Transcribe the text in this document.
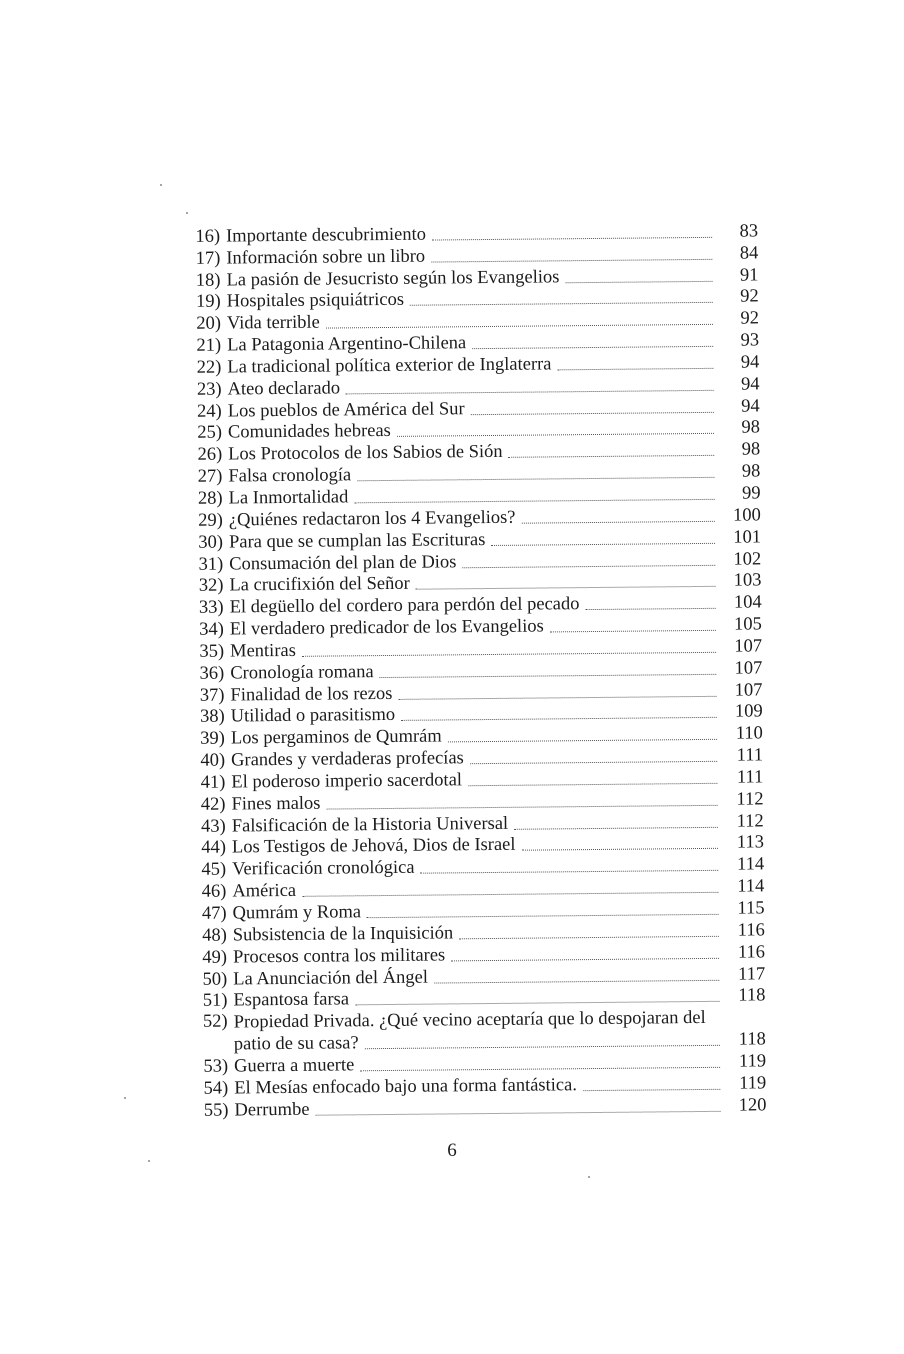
16) Importante descubrimiento	83
17) Información sobre un libro	84
18) La pasión de Jesucristo según los Evangelios	91
19) Hospitales psiquiátricos	92
20) Vida terrible	92
21) La Patagonia Argentino-Chilena	93
22) La tradicional política exterior de Inglaterra	94
23) Ateo declarado	94
24) Los pueblos de América del Sur	94
25) Comunidades hebreas	98
26) Los Protocolos de los Sabios de Sión	98
27) Falsa cronología	98
28) La Inmortalidad	99
29) ¿Quiénes redactaron los 4 Evangelios?	100
30) Para que se cumplan las Escrituras	101
31) Consumación del plan de Dios	102
32) La crucifixión del Señor	103
33) El degüello del cordero para perdón del pecado	104
34) El verdadero predicador de los Evangelios	105
35) Mentiras	107
36) Cronología romana	107
37) Finalidad de los rezos	107
38) Utilidad o parasitismo	109
39) Los pergaminos de Qumrám	110
40) Grandes y verdaderas profecías	111
41) El poderoso imperio sacerdotal	111
42) Fines malos	112
43) Falsificación de la Historia Universal	112
44) Los Testigos de Jehová, Dios de Israel	113
45) Verificación cronológica	114
46) América	114
47) Qumrám y Roma	115
48) Subsistencia de la Inquisición	116
49) Procesos contra los militares	116
50) La Anunciación del Ángel	117
51) Espantosa farsa	118
52) Propiedad Privada. ¿Qué vecino aceptaría que lo despojaran del
patio de su casa?	118
53) Guerra a muerte	119
54) El Mesías enfocado bajo una forma fantástica.	119
55) Derrumbe	120
6
